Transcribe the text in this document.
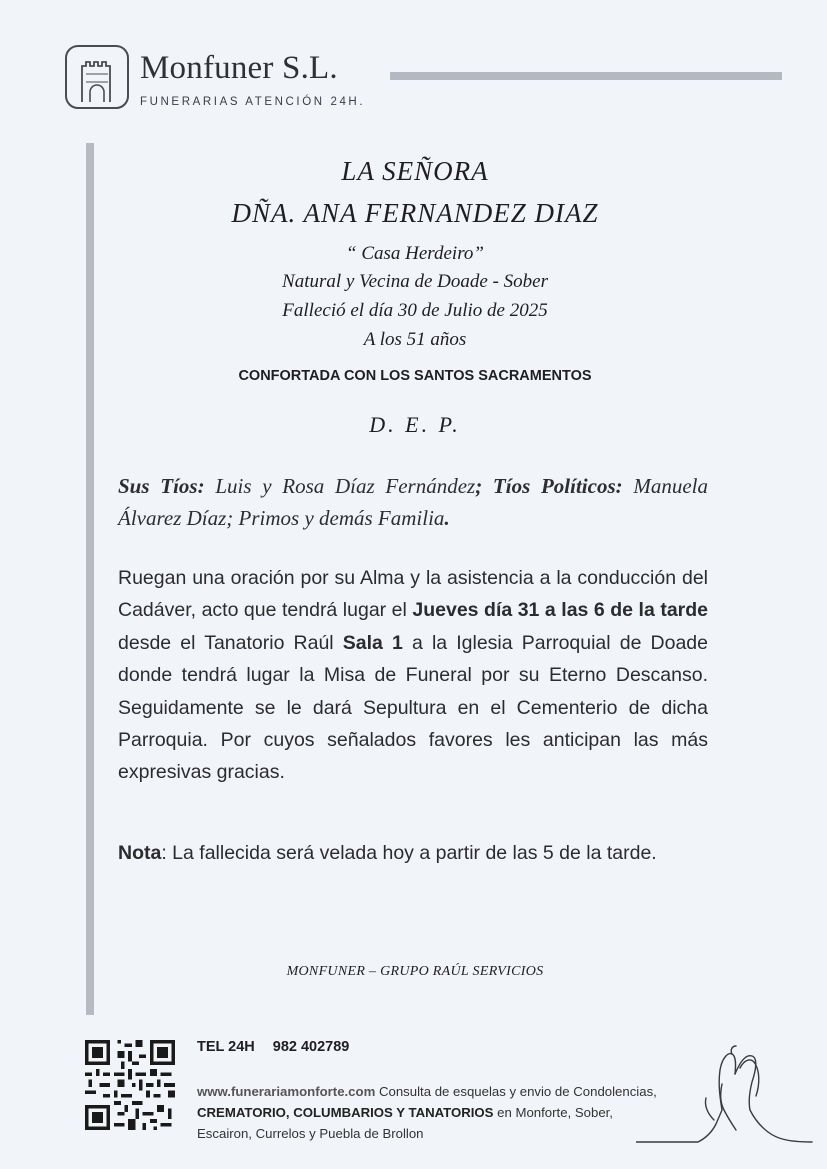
Monfuner S.L.
FUNERARIAS ATENCIÓN 24H.
LA SEÑORA
DÑA. ANA FERNANDEZ DIAZ
“ Casa Herdeiro”
Natural y Vecina de Doade - Sober
Falleció el día 30 de Julio de 2025
A los 51 años
CONFORTADA CON LOS SANTOS SACRAMENTOS
D. E. P.
Sus Tíos: Luis y Rosa Díaz Fernández; Tíos Políticos: Manuela Álvarez Díaz; Primos y demás Familia.
Ruegan una oración por su Alma y la asistencia a la conducción del Cadáver, acto que tendrá lugar el Jueves día 31 a las 6 de la tarde desde el Tanatorio Raúl Sala 1 a la Iglesia Parroquial de Doade donde tendrá lugar la Misa de Funeral por su Eterno Descanso. Seguidamente se le dará Sepultura en el Cementerio de dicha Parroquia. Por cuyos señalados favores les anticipan las más expresivas gracias.
Nota: La fallecida será velada hoy a partir de las 5 de la tarde.
MONFUNER – GRUPO RAÚL SERVICIOS
TEL 24H 982 402789
www.funerariamonforte.com Consulta de esquelas y envio de Condolencias, CREMATORIO, COLUMBARIOS Y TANATORIOS en Monforte, Sober, Escairon, Currelos y Puebla de Brollon
